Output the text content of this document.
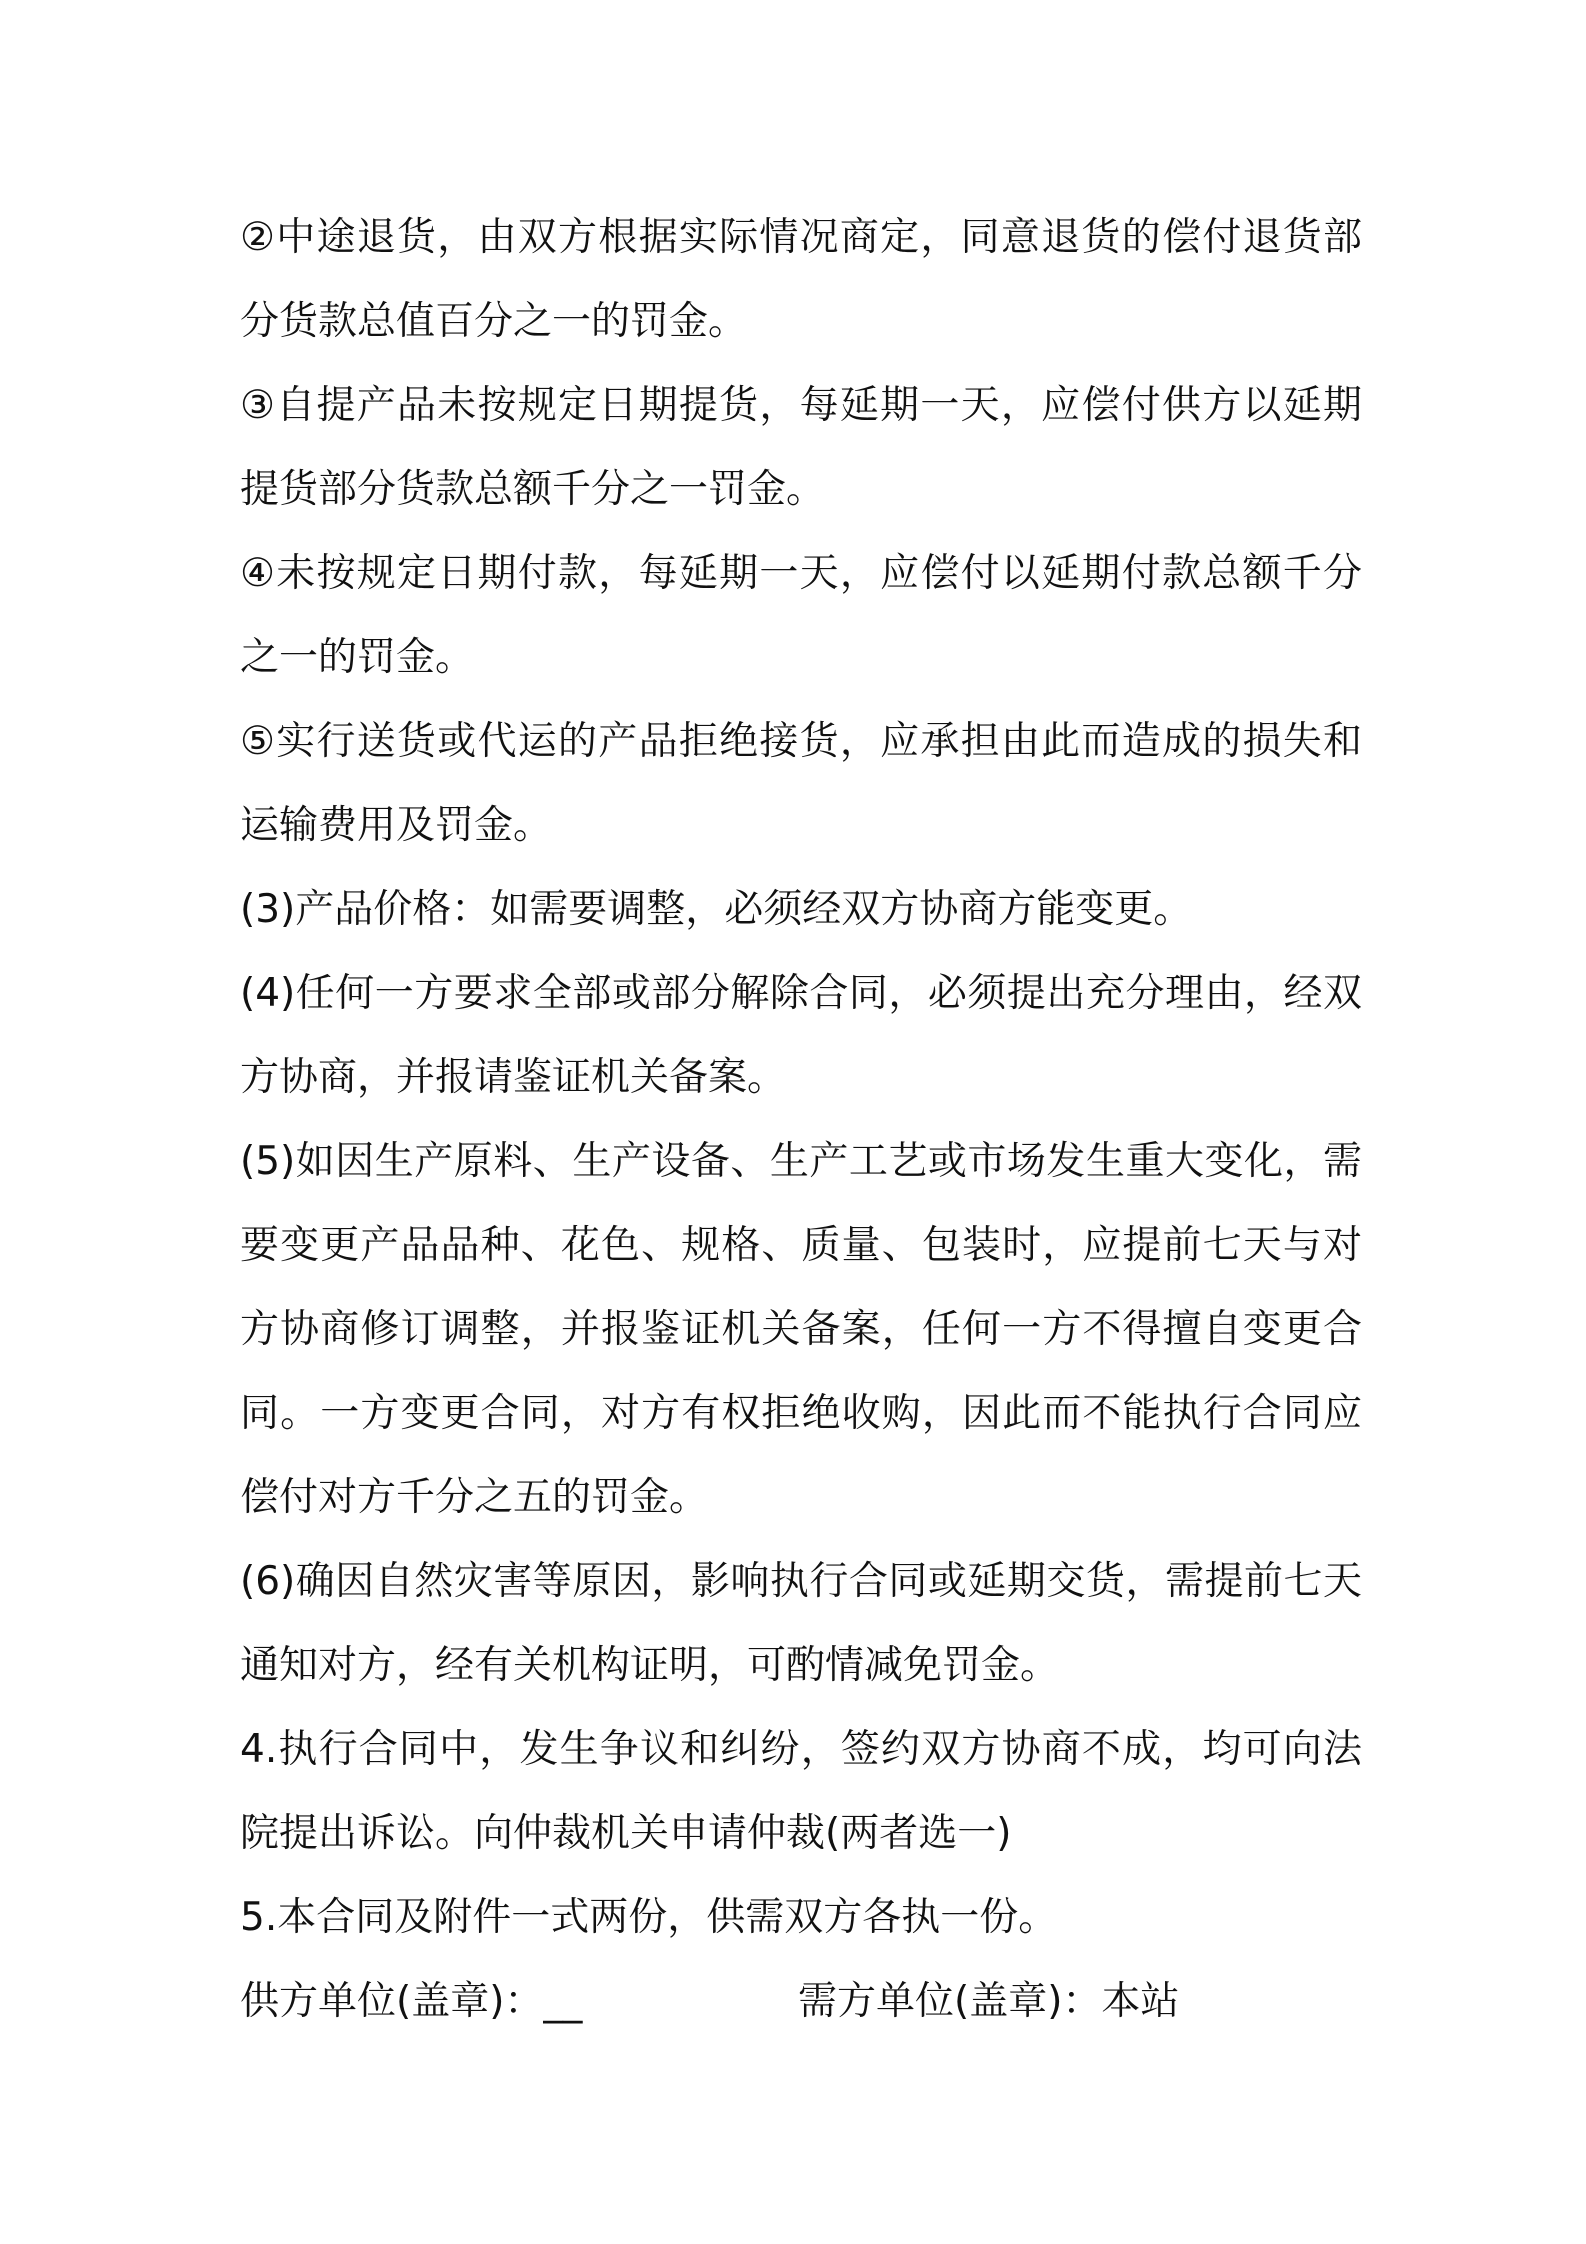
②中途退货，由双方根据实际情况商定，同意退货的偿付退货部分货款总值百分之一的罚金。

③自提产品未按规定日期提货，每延期一天，应偿付供方以延期提货部分货款总额千分之一罚金。

④未按规定日期付款，每延期一天，应偿付以延期付款总额千分之一的罚金。

⑤实行送货或代运的产品拒绝接货，应承担由此而造成的损失和运输费用及罚金。

(3)产品价格：如需要调整，必须经双方协商方能变更。

(4)任何一方要求全部或部分解除合同，必须提出充分理由，经双方协商，并报请鉴证机关备案。

(5)如因生产原料、生产设备、生产工艺或市场发生重大变化，需要变更产品品种、花色、规格、质量、包装时，应提前七天与对方协商修订调整，并报鉴证机关备案，任何一方不得擅自变更合同。一方变更合同，对方有权拒绝收购，因此而不能执行合同应偿付对方千分之五的罚金。

(6)确因自然灾害等原因，影响执行合同或延期交货，需提前七天通知对方，经有关机构证明，可酌情减免罚金。

4.执行合同中，发生争议和纠纷，签约双方协商不成，均可向法院提出诉讼。向仲裁机关申请仲裁(两者选一)

5.本合同及附件一式两份，供需双方各执一份。

供方单位(盖章)：__	需方单位(盖章)：本站
